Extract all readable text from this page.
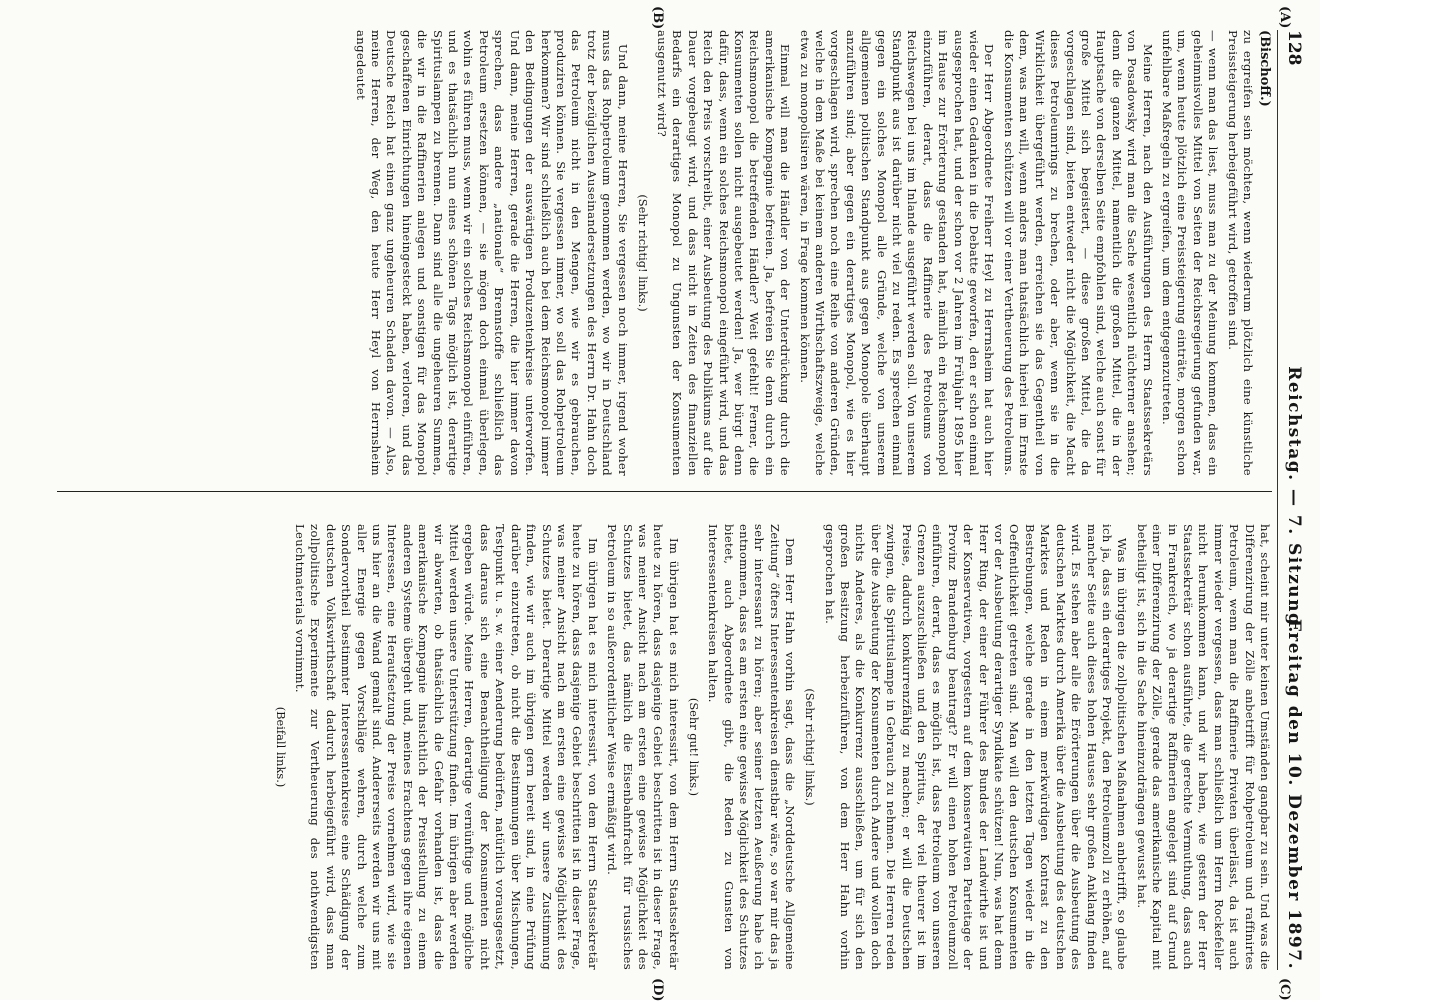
128
Reichstag. — 7. Sitzung.
Freitag den 10. Dezember 1897.
(A)
(B)
(C)
(D)
(Bischoff.)

zu ergreifen sein möchten, wenn wiederum plötzlich eine künstliche Preissteigerung herbeigeführt wird, getroffen sind.

— wenn man das liest, muss man zu der Meinung kommen, dass ein geheimnisvolles Mittel von Seiten der Reichsregierung gefunden war, um, wenn heute plötzlich eine Preissteigerung einträte, morgen schon unfehlbare Maßregeln zu ergreifen, um dem entgegenzutreten.

Meine Herren, nach den Ausführungen des Herrn Staatssekretärs von Posadowsky wird man die Sache wesentlich nüchterner ansehen; denn die ganzen Mittel, namentlich die großen Mittel, die in der Hauptsache von derselben Seite empfohlen sind, welche auch sonst für große Mittel sich begeistert, — diese großen Mittel, die da vorgeschlagen sind, bieten entweder nicht die Möglichkeit, die Macht dieses Petroleumrings zu brechen, oder aber, wenn sie in die Wirklichkeit übergeführt werden, erreichen sie das Gegentheil von dem, was man will, wenn anders man thatsächlich hierbei im Ernste die Konsumenten schützen will vor einer Vertheuerung des Petroleums.

Der Herr Abgeordnete Freiherr Heyl zu Herrnsheim hat auch hier wieder einen Gedanken in die Debatte geworfen, den er schon einmal ausgesprochen hat, und der schon vor 2 Jahren im Frühjahr 1895 hier im Hause zur Erörterung gestanden hat, nämlich ein Reichsmonopol einzuführen, derart, dass die Raffinerie des Petroleums von Reichswegen bei uns im Inlande ausgeführt werden soll. Von unserem Standpunkt aus ist darüber nicht viel zu reden. Es sprechen einmal gegen ein solches Monopol alle Gründe, welche von unserem allgemeinen politischen Standpunkt aus gegen Monopole überhaupt anzuführen sind; aber gegen ein derartiges Monopol, wie es hier vorgeschlagen wird, sprechen noch eine Reihe von anderen Gründen, welche in dem Maße bei keinem anderen Wirthschaftszweige, welche etwa zu monopolisiren wären, in Frage kommen können.

Einmal will man die Händler von der Unterdrückung durch die amerikanische Kompagnie befreien. Ja, befreien Sie denn durch ein Reichsmonopol die betreffenden Händler? Weit gefehlt! Ferner, die Konsumenten sollen nicht ausgebeutet werden! Ja, wer bürgt denn dafür, dass, wenn ein solches Reichsmonopol eingeführt wird, und das Reich den Preis vorschreibt, einer Ausbeutung des Publikums auf die Dauer vorgebeugt wird, und dass nicht in Zeiten des finanziellen Bedarfs ein derartiges Monopol zu Ungunsten der Konsumenten ausgenutzt wird?

(Sehr richtig! links.)

Und dann, meine Herren, Sie vergessen noch immer, irgend woher muss das Rohpetroleum genommen werden, wo wir in Deutschland trotz der bezüglichen Auseinandersetzungen des Herrn Dr. Hahn doch das Petroleum nicht in den Mengen, wie wir es gebrauchen, produziren können. Sie vergessen immer, wo soll das Rohpetroleum herkommen? Wir sind schließlich auch bei dem Reichsmonopol immer den Bedingungen der auswärtigen Produzentenkreise unterworfen. Und dann, meine Herren, gerade die Herren, die hier immer davon sprechen, dass andere „nationale“ Brennstoffe schließlich das Petroleum ersetzen können, — sie mögen doch einmal überlegen, wohin es führen muss, wenn wir ein solches Reichsmonopol einführen, und es thatsächlich nun eines schönen Tags möglich ist, derartige Spirituslampen zu brennen. Dann sind alle die ungeheuren Summen, die wir in die Raffinerien anlegen und sonstigen für das Monopol geschaffenen Einrichtungen hineingesteckt haben, verloren, und das Deutsche Reich hat einen ganz ungeheuren Schaden davon. — Also, meine Herren, der Weg, den heute Herr Heyl von Herrnsheim angedeutet

hat, scheint mir unter keinen Umständen gangbar zu sein. Und was die Differenzirung der Zölle anbetrifft für Rohpetroleum und raffinirtes Petroleum, wenn man die Raffinerie Privaten überlässt, da ist auch immer wieder vergessen, dass man schließlich um Herrn Rockefeller nicht herumkommen kann, und wir haben, wie gestern der Herr Staatssekretär schon ausführte, die gerechte Vermuthung, dass auch in Frankreich, wo ja derartige Raffinerien angelegt sind auf Grund einer Differenzirung der Zölle, gerade das amerikanische Kapital mit betheiligt ist, sich in die Sache hineinzudrängen gewusst hat.

Was im übrigen die zollpolitischen Maßnahmen anbetrifft, so glaube ich ja, dass ein derartiges Projekt, den Petroleumzoll zu erhöhen, auf mancher Seite auch dieses hohen Hauses sehr großen Anklang finden wird. Es stehen aber alle die Erörterungen über die Ausbeutung des deutschen Marktes durch Amerika über die Ausbeutung des deutschen Marktes und Reden in einem merkwürdigen Kontrast zu den Bestrebungen, welche gerade in den letzten Tagen wieder in die Oeffentlichkeit getreten sind. Man will den deutschen Konsumenten vor der Ausbeutung derartiger Syndikate schützen! Nun, was hat denn Herr Ring, der einer der Führer des Bundes der Landwirthe ist und der Konservativen, vorgestern auf dem konservativen Parteitage der Provinz Brandenburg beantragt? Er will einen hohen Petroleumzoll einführen, derart, dass es möglich ist, dass Petroleum von unseren Grenzen auszuschließen und den Spiritus, der viel theurer ist im Preise, dadurch konkurrenzfähig zu machen; er will die Deutschen zwingen, die Spirituslampe in Gebrauch zu nehmen. Die Herren reden über die Ausbeutung der Konsumenten durch Andere und wollen doch nichts Anderes, als die Konkurrenz ausschließen, um für sich den großen Besitzung herbeizuführen, von dem Herr Hahn vorhin gesprochen hat.

(Sehr richtig! links.)

Dem Herr Hahn vorhin sagt, dass die „Norddeutsche Allgemeine Zeitung“ öfters Interessentenkreisen dienstbar wäre, so war mir das ja sehr interessant zu hören; aber seiner letzten Aeußerung habe ich entnommen, dass es am ersten eine gewisse Möglichkeit des Schutzes bietet, auch Abgeordnete gibt, die Reden zu Gunsten von Interessentenkreisen halten.

(Sehr gut! links.)

Im übrigen hat es mich interessirt, von dem Herrn Staatssekretär heute zu hören, dass dasjenige Gebiet beschritten ist in dieser Frage, was meiner Ansicht nach am ersten eine gewisse Möglichkeit des Schutzes bietet, das nämlich die Eisenbahnfracht für russisches Petroleum in so außerordentlicher Weise ermäßigt wird.

Im übrigen hat es mich interessirt, von dem Herrn Staatssekretär heute zu hören, dass dasjenige Gebiet beschritten ist in dieser Frage, was meiner Ansicht nach am ersten eine gewisse Möglichkeit des Schutzes bietet. Derartige Mittel werden wir unsere Zustimmung finden, wie wir auch im übrigen gern bereit sind, in eine Prüfung darüber einzutreten, ob nicht die Bestimmungen über Mischungen, Testpunkt u. s. w. einer Aenderung bedürfen, natürlich vorausgesetzt, dass daraus sich eine Benachtheiligung der Konsumenten nicht ergeben würde. Meine Herren, derartige vernünftige und mögliche Mittel werden unsere Unterstützung finden. Im übrigen aber werden wir abwarten, ob thatsächlich die Gefahr vorhanden ist, dass die amerikanische Kompagnie hinsichtlich der Preisstellung zu einem anderen Systeme übergeht und, meines Erachtens gegen ihre eigenen Interessen, eine Heraufsetzung der Preise vornehmen wird, wie sie uns hier an die Wand gemalt sind. Andererseits werden wir uns mit aller Energie gegen Vorschläge wehren, durch welche zum Sondervortheil bestimmter Interessentenkreise eine Schädigung der deutschen Volkswirthschaft dadurch herbeigeführt wird, dass man zollpolitische Experimente zur Vertheuerung des nothwendigsten Leuchtmaterials vornimmt.

(Beifall links.)
